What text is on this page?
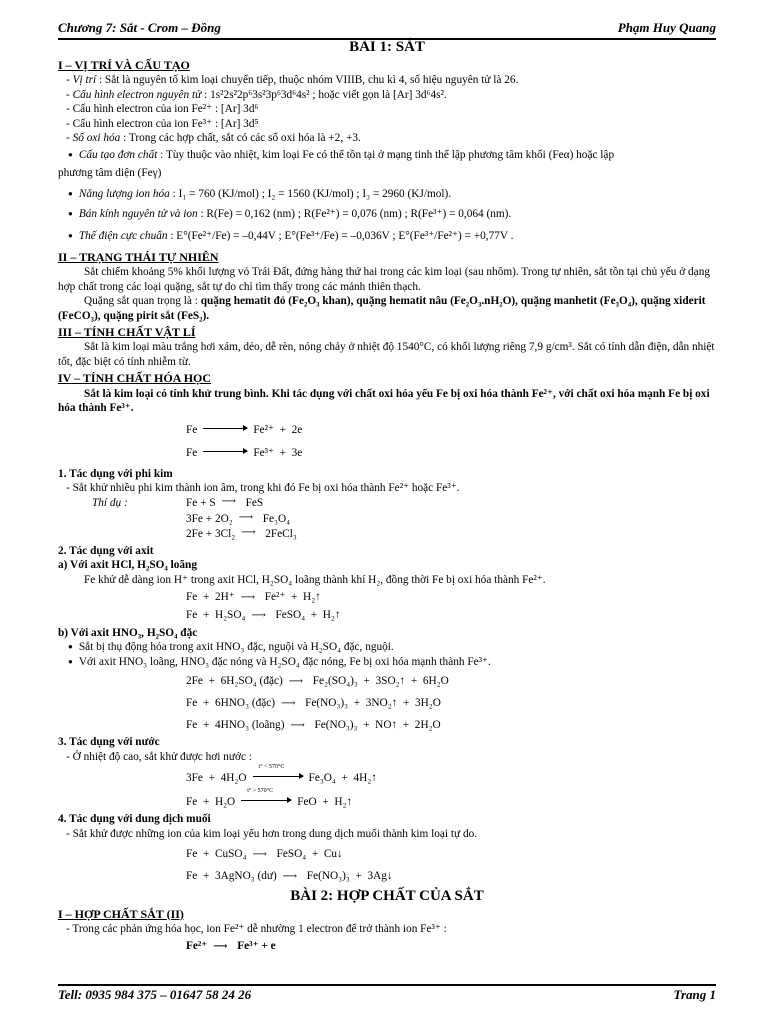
Chương 7: Sắt - Crom – Đồng	Phạm Huy Quang
BÀI 1: SẮT
I – VỊ TRÍ VÀ CẤU TẠO

- Vị trí : Sắt là nguyên tố kim loại chuyển tiếp, thuộc nhóm VIIIB, chu kì 4, số hiệu nguyên tử là 26.

- Cấu hình electron nguyên tử : 1s²2s²2p⁶3s²3p⁶3d⁶4s² ; hoặc viết gọn là [Ar] 3d⁶4s².

- Cấu hình electron của ion Fe²⁺ : [Ar] 3d⁶

- Cấu hình electron của ion Fe³⁺ : [Ar] 3d⁵

- Số oxi hóa : Trong các hợp chất, sắt có các số oxi hóa là +2, +3.

● Cấu tạo đơn chất : Tùy thuộc vào nhiệt, kim loại Fe có thể tồn tại ở mạng tinh thể lập phương tâm khối (Feα) hoặc lập

phương tâm diện (Feγ)

● Năng lượng ion hóa : I₁ = 760 (KJ/mol) ; I₂ = 1560 (KJ/mol) ; I₃ = 2960 (KJ/mol).

● Bán kính nguyên tử và ion : R(Fe) = 0,162 (nm) ; R(Fe²⁺) = 0,076 (nm) ; R(Fe³⁺) = 0,064 (nm).

● Thế điện cực chuẩn : E°(Fe²⁺/Fe) = –0,44V ; E°(Fe³⁺/Fe) = –0,036V ; E°(Fe³⁺/Fe²⁺) = +0,77V .

II – TRẠNG THÁI TỰ NHIÊN

Sắt chiếm khoảng 5% khối lượng vỏ Trái Đất, đứng hàng thứ hai trong các kim loại (sau nhôm). Trong tự nhiên, sắt tồn tại chủ yếu ở dạng hợp chất trong các loại quặng, sắt tự do chỉ tìm thấy trong các mảnh thiên thạch.

Quặng sắt quan trọng là : quặng hematit đỏ (Fe₂O₃ khan), quặng hematit nâu (Fe₂O₃.nH₂O), quặng manhetit (Fe₃O₄), quặng xiderit (FeCO₃), quặng pirit sắt (FeS₂).

III – TÍNH CHẤT VẬT LÍ

Sắt là kim loại màu trắng hơi xám, dẻo, dễ rèn, nóng chảy ở nhiệt độ 1540°C, có khối lượng riêng 7,9 g/cm³. Sắt có tính dẫn điện, dẫn nhiệt tốt, đặc biệt có tính nhiễm từ.

IV – TÍNH CHẤT HÓA HỌC

Sắt là kim loại có tính khử trung bình. Khi tác dụng với chất oxi hóa yếu Fe bị oxi hóa thành Fe²⁺, với chất oxi hóa mạnh Fe bị oxi hóa thành Fe³⁺.

Fe	Fe²⁺  +  2e

Fe	Fe³⁺  +  3e

1. Tác dụng với phi kim

- Sắt khử nhiều phi kim thành ion âm, trong khi đó Fe bị oxi hóa thành Fe²⁺ hoặc Fe³⁺.

Thí dụ :	Fe + S ⟶ FeS
3Fe + 2O₂ ⟶ Fe₃O₄
2Fe + 3Cl₂ ⟶ 2FeCl₃

2. Tác dụng với axit

a) Với axit HCl, H₂SO₄ loãng

Fe khử dễ dàng ion H⁺ trong axit HCl, H₂SO₄ loãng thành khí H₂, đồng thời Fe bị oxi hóa thành Fe²⁺.

Fe  +  2H⁺ ⟶ Fe²⁺  +  H₂↑

Fe  +  H₂SO₄ ⟶ FeSO₄  +  H₂↑

b) Với axit HNO₃, H₂SO₄ đặc

● Sắt bị thụ động hóa trong axit HNO₃ đặc, nguội và H₂SO₄ đặc, nguội.

● Với axit HNO₃ loãng, HNO₃ đặc nóng và H₂SO₄ đặc nóng, Fe bị oxi hóa mạnh thành Fe³⁺.

2Fe  +  6H₂SO₄ (đặc) ⟶ Fe₂(SO₄)₃  +  3SO₂↑  +  6H₂O

Fe  +  6HNO₃ (đặc) ⟶ Fe(NO₃)₃  +  3NO₂↑  +  3H₂O

Fe  +  4HNO₃ (loãng) ⟶ Fe(NO₃)₃  +  NO↑  +  2H₂O

3. Tác dụng với nước

- Ở nhiệt độ cao, sắt khử được hơi nước :

3Fe  +  4H₂O
t° < 570°C
Fe₃O₄  +  4H₂↑

Fe  +  H₂O
t° > 570°C
FeO  +  H₂↑

4. Tác dụng với dung dịch muối

- Sắt khử được những ion của kim loại yếu hơn trong dung dịch muối thành kim loại tự do.

Fe  +  CuSO₄ ⟶ FeSO₄  +  Cu↓

Fe  +  3AgNO₃ (dư) ⟶ Fe(NO₃)₃  +  3Ag↓

BÀI 2: HỢP CHẤT CỦA SẮT
I – HỢP CHẤT SẮT (II)

- Trong các phản ứng hóa học, ion Fe²⁺ dễ nhường 1 electron để trở thành ion Fe³⁺ :

Fe²⁺ ⟶ Fe³⁺ + e

Tell: 0935 984 375 – 01647 58 24 26	Trang 1
